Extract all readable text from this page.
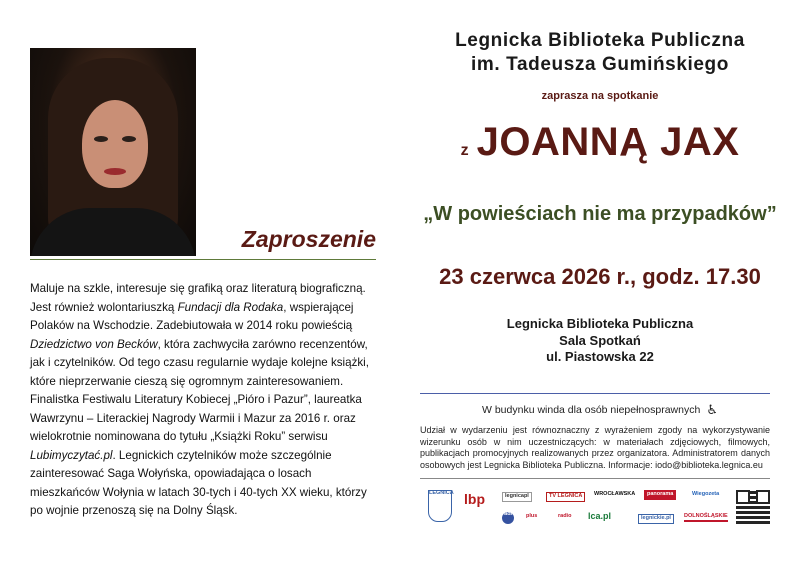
Zaproszenie

Maluje na szkle, interesuje się grafiką oraz literaturą biograficzną. Jest również wolontariuszką Fundacji dla Rodaka, wspierającej Polaków na Wschodzie. Zadebiutowała w 2014 roku powieścią Dziedzictwo von Becków, która zachwyciła zarówno recenzentów, jak i czytelników. Od tego czasu regularnie wydaje kolejne książki, które nieprzerwanie cieszą się ogromnym zainteresowaniem. Finalistka Festiwalu Literatury Kobiecej „Pióro i Pazur”, laureatka Wawrzynu – Literackiej Nagrody Warmii i Mazur za 2016 r. oraz wielokrotnie nominowana do tytułu „Książki Roku” serwisu Lubimyczytać.pl. Legnickich czytelników może szczególnie zainteresować Saga Wołyńska, opowiadająca o losach mieszkańców Wołynia w latach 30-tych i 40-tych XX wieku, którzy po wojnie przenoszą się na Dolny Śląsk.

Legnicka Biblioteka Publiczna
im. Tadeusza Gumińskiego
zaprasza na spotkanie
z JOANNĄ JAX
„W powieściach nie ma przypadków”
23 czerwca 2026 r., godz. 17.30
Legnicka Biblioteka Publiczna
Sala Spotkań
ul. Piastowska 22
W budynku winda dla osób niepełnosprawnych ♿
Udział w wydarzeniu jest równoznaczny z wyrażeniem zgody na wykorzystywanie wizerunku osób w nim uczestniczących: w materiałach zdjęciowych, filmowych, publikacjach promocyjnych realizowanych przez organizatora. Administratorem danych osobowych jest Legnicka Biblioteka Publiczna. Informacje: iodo@biblioteka.legnica.eu
LEGNICA lbp	legnicapl	TV LEGNICA	WROCŁAWSKA	panorama	Wiegozeta
radio plus	radio lca.pl	legnickie.pl	DOLNOŚLĄSKIE
